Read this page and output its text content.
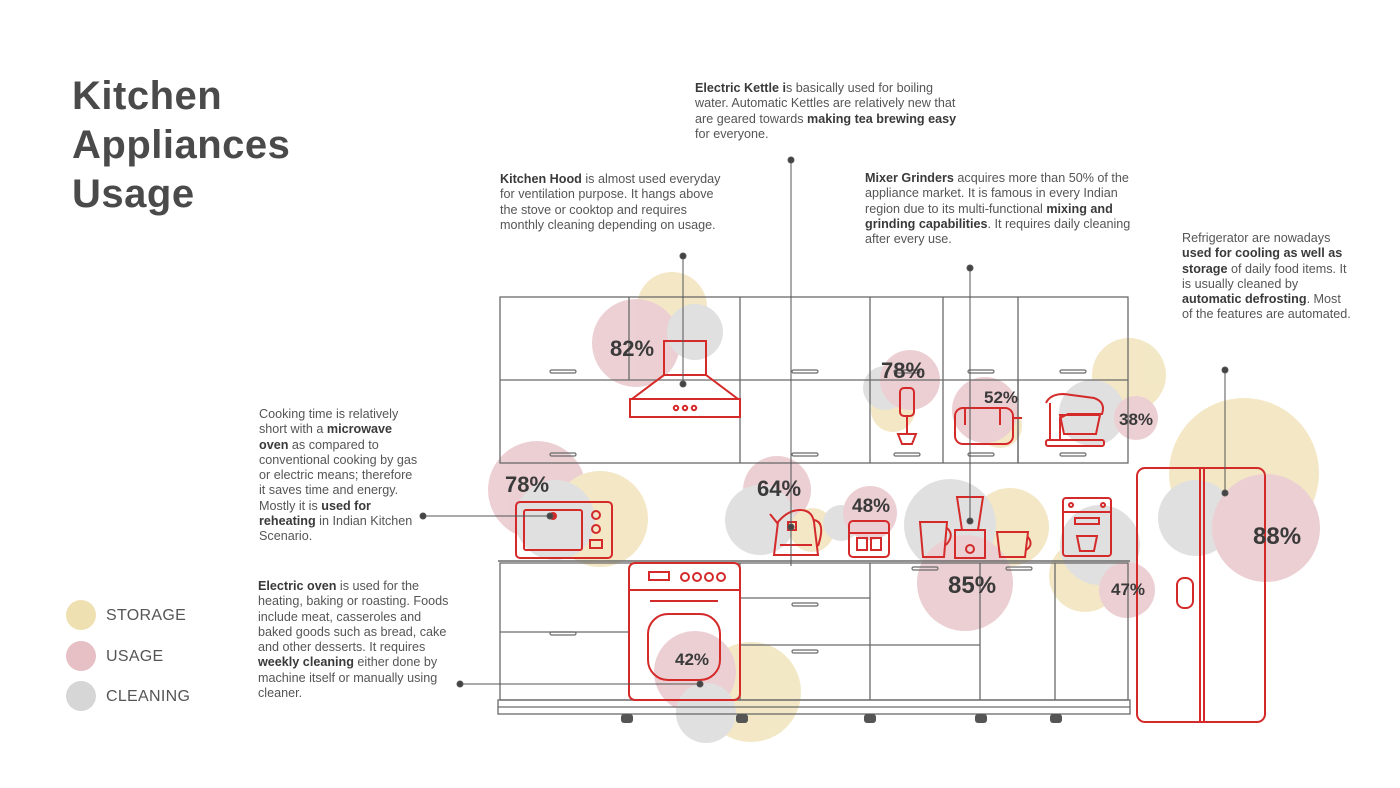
Kitchen
Appliances
Usage
82%
78%
52%
38%
78%	64%
48%
85%	47%
88%
42%
Electric Kettle is basically used for boiling water. Automatic Kettles are relatively new that are geared towards making tea brewing easy for everyone.
Kitchen Hood is almost used everyday for ventilation purpose. It hangs above the stove or cooktop and requires monthly cleaning depending on usage.
Mixer Grinders acquires more than 50% of the appliance market. It is famous in every Indian region due to its multi-functional mixing and grinding capabilities. It requires daily cleaning after every use.	Refrigerator are nowadays used for cooling as well as storage of daily food items. It is usually cleaned by automatic defrosting. Most of the features are automated.
Cooking time is relatively short with a microwave oven as compared to conventional cooking by gas or electric means; therefore it saves time and energy. Mostly it is used for reheating in Indian Kitchen Scenario.
Electric oven is used for the heating, baking or roasting. Foods include meat, casseroles and baked goods such as bread, cake and other desserts. It requires weekly cleaning either done by machine itself or manually using cleaner.
STORAGE
USAGE
CLEANING
